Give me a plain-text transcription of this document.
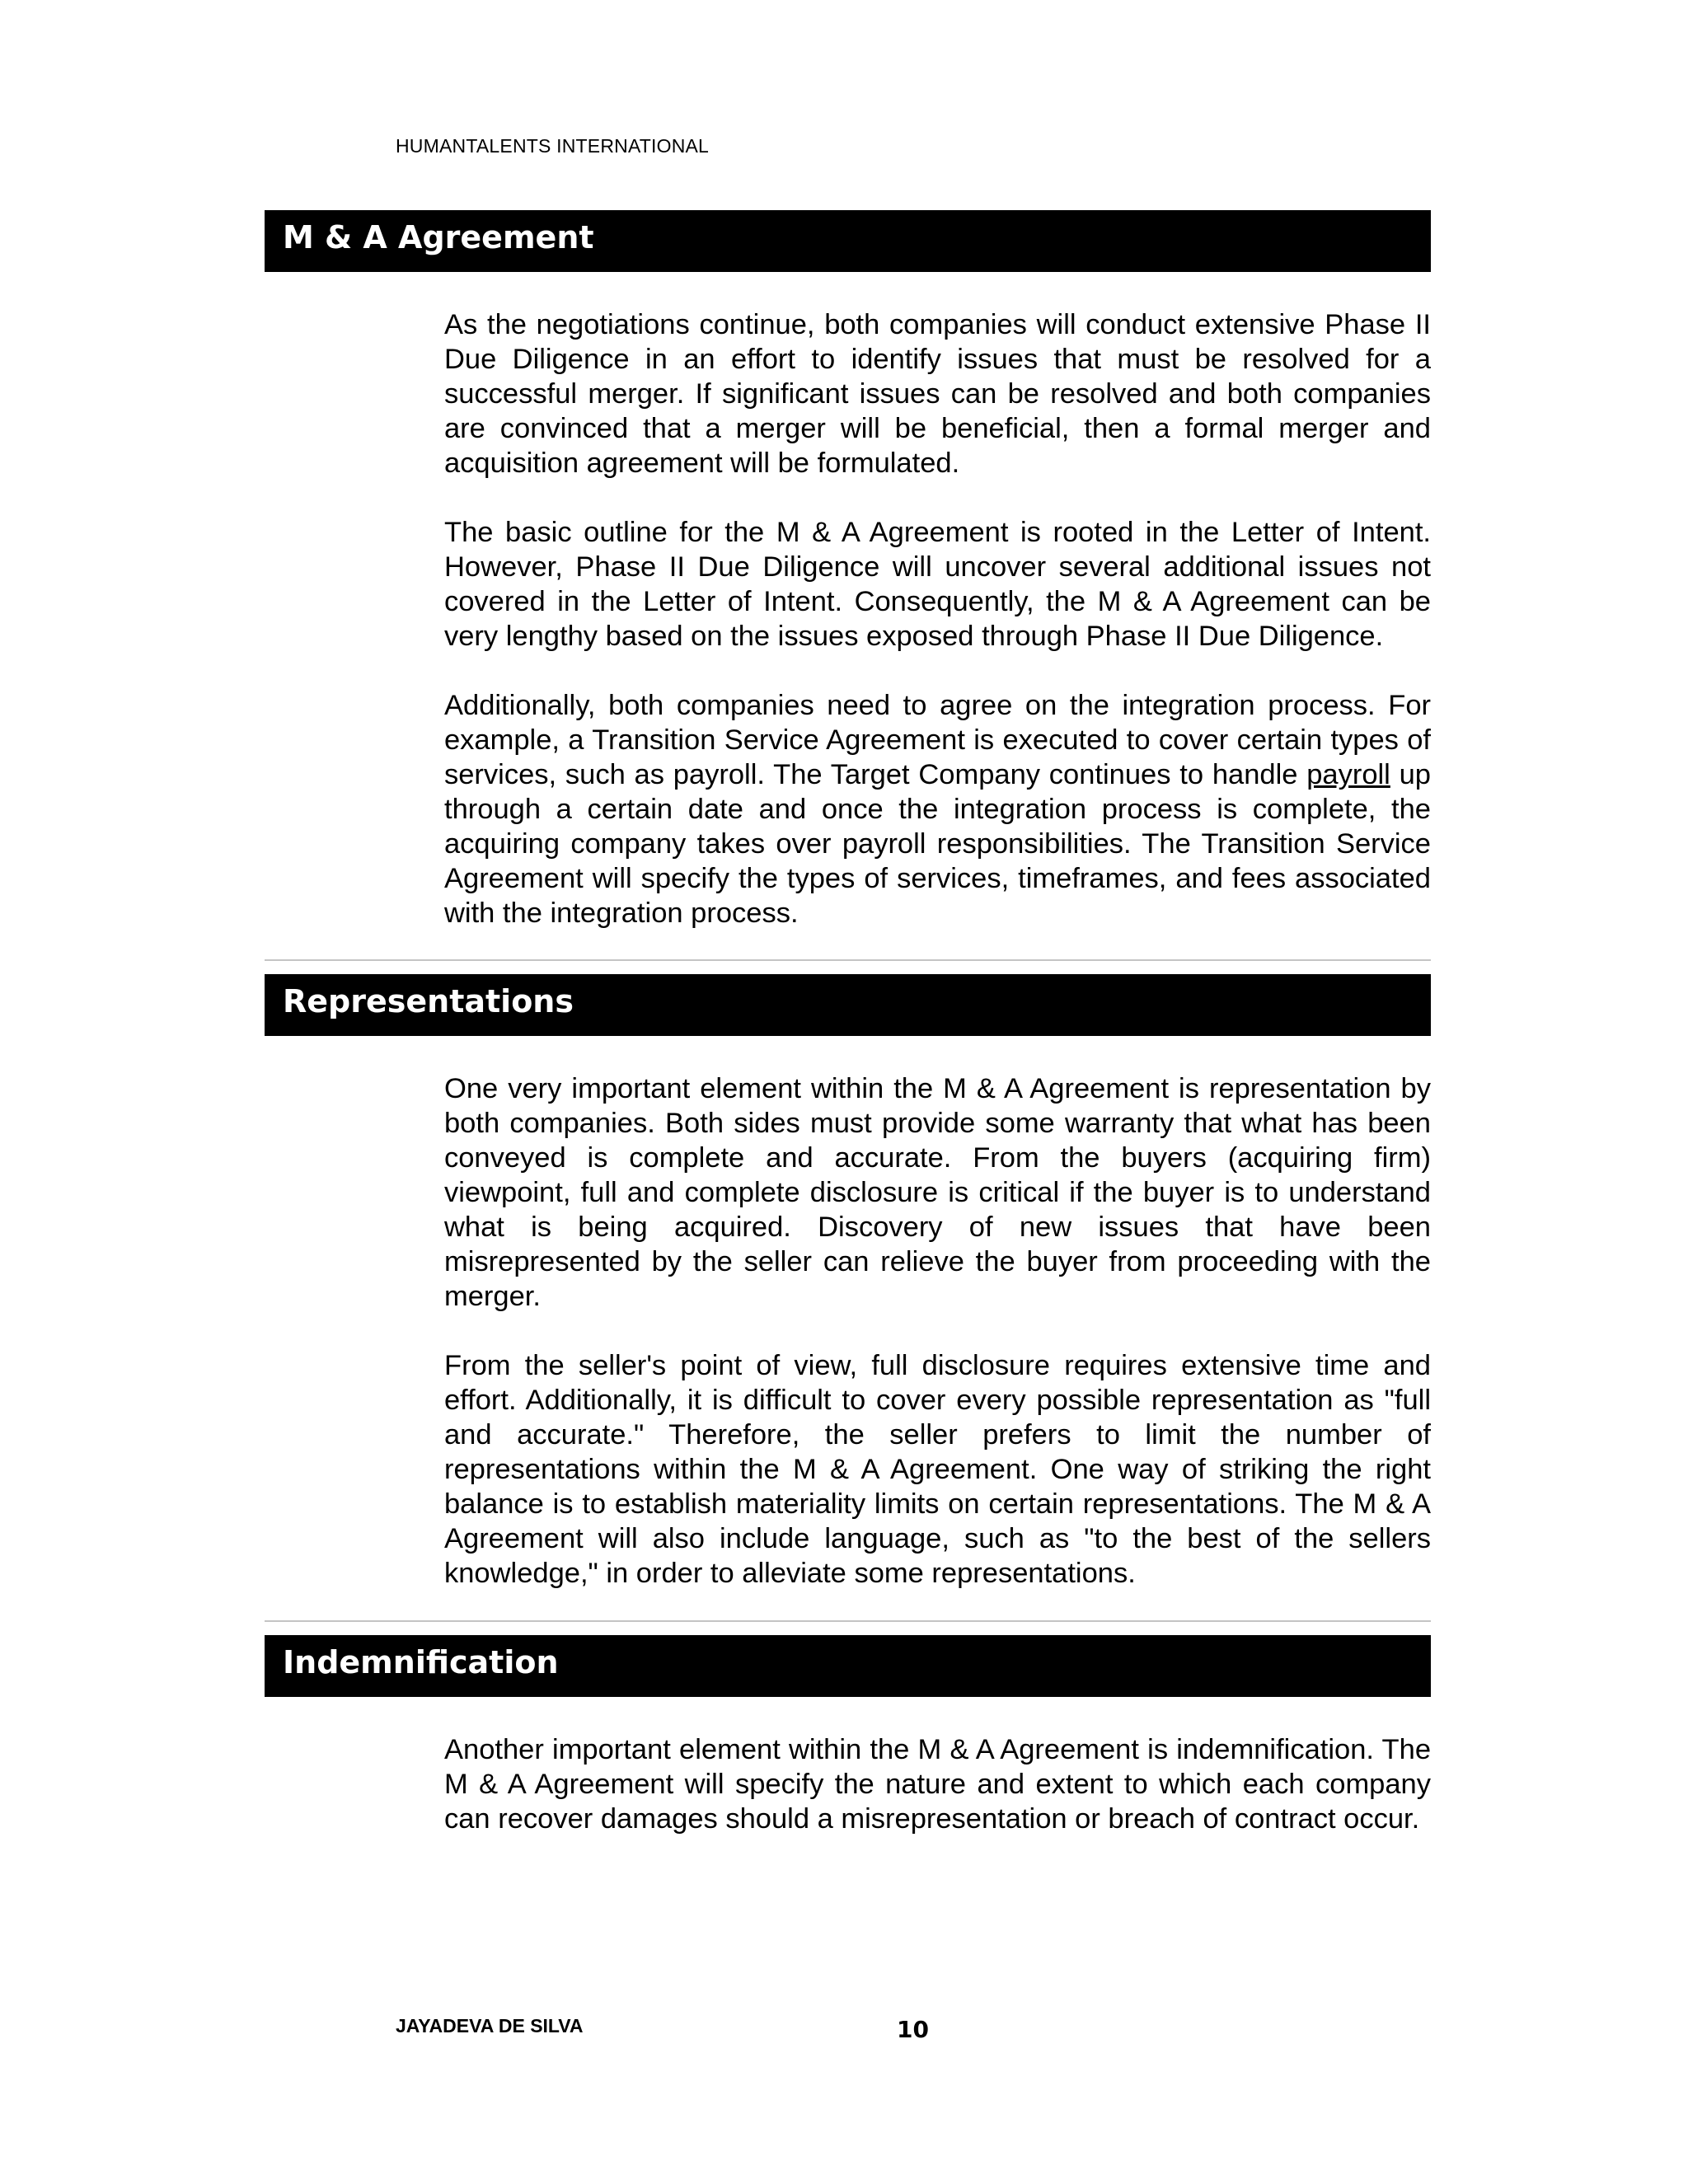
HUMANTALENTS INTERNATIONAL
M & A Agreement

As the negotiations continue, both companies will conduct extensive Phase II Due Diligence in an effort to identify issues that must be resolved for a successful merger. If significant issues can be resolved and both companies are convinced that a merger will be beneficial, then a formal merger and acquisition agreement will be formulated.

The basic outline for the M & A Agreement is rooted in the Letter of Intent. However, Phase II Due Diligence will uncover several additional issues not covered in the Letter of Intent. Consequently, the M & A Agreement can be very lengthy based on the issues exposed through Phase II Due Diligence.

Additionally, both companies need to agree on the integration process. For example, a Transition Service Agreement is executed to cover certain types of services, such as payroll. The Target Company continues to handle payroll up through a certain date and once the integration process is complete, the acquiring company takes over payroll responsibilities. The Transition Service Agreement will specify the types of services, timeframes, and fees associated with the integration process.

Representations

One very important element within the M & A Agreement is representation by both companies. Both sides must provide some warranty that what has been conveyed is complete and accurate. From the buyers (acquiring firm) viewpoint, full and complete disclosure is critical if the buyer is to understand what is being acquired. Discovery of new issues that have been misrepresented by the seller can relieve the buyer from proceeding with the merger.

From the seller's point of view, full disclosure requires extensive time and effort. Additionally, it is difficult to cover every possible representation as "full and accurate." Therefore, the seller prefers to limit the number of representations within the M & A Agreement. One way of striking the right balance is to establish materiality limits on certain representations. The M & A Agreement will also include language, such as "to the best of the sellers knowledge," in order to alleviate some representations.

Indemnification

Another important element within the M & A Agreement is indemnification. The M & A Agreement will specify the nature and extent to which each company can recover damages should a misrepresentation or breach of contract occur.

JAYADEVA DE SILVA	10
